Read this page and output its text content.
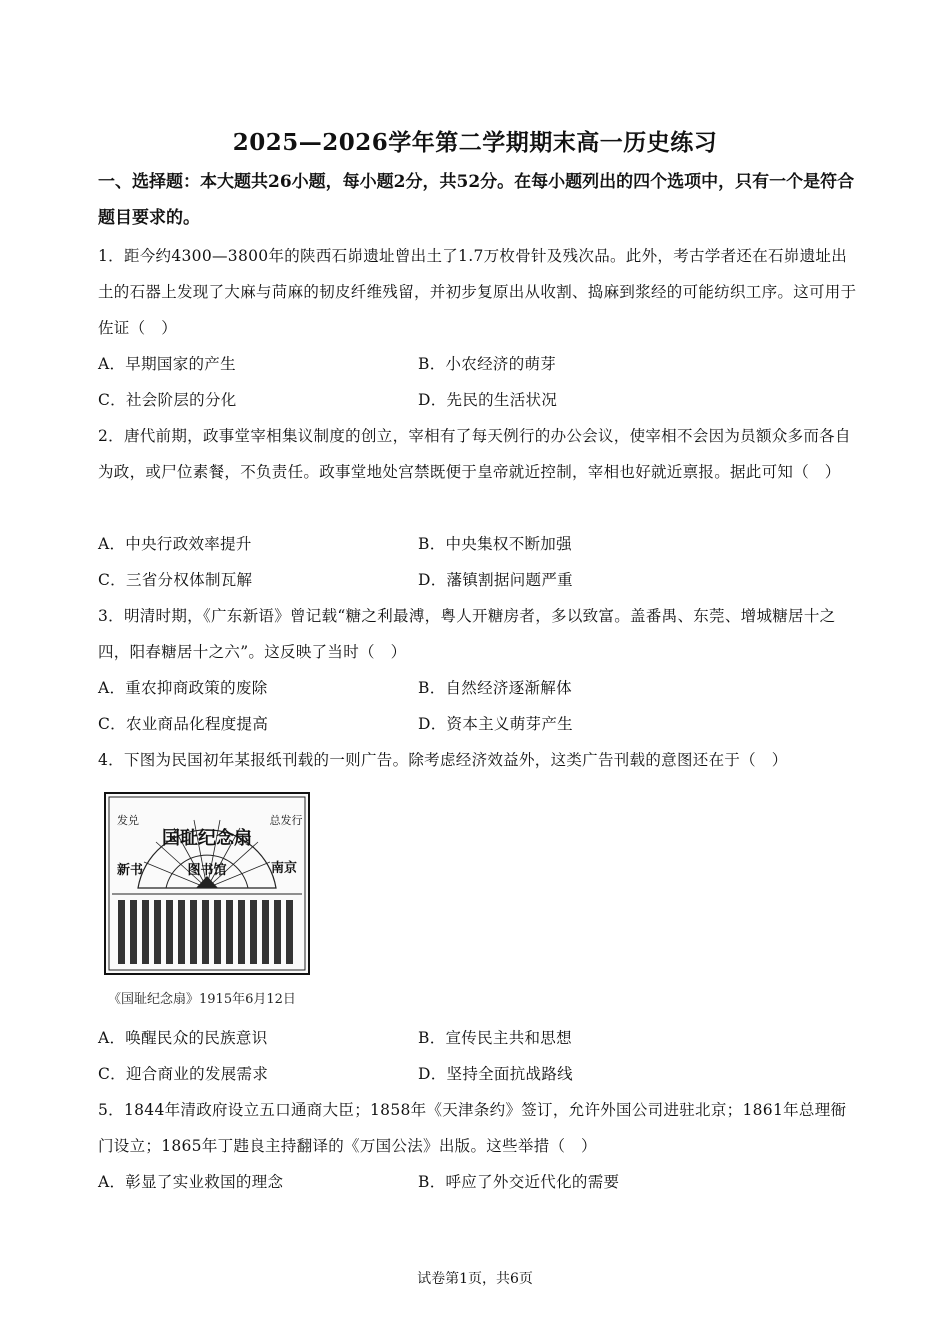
2025—2026学年第二学期期末高一历史练习
一、选择题：本大题共26小题，每小题2分，共52分。在每小题列出的四个选项中，只有一个是符合题目要求的。
1．距今约4300—3800年的陕西石峁遗址曾出土了1.7万枚骨针及残次品。此外，考古学者还在石峁遗址出土的石器上发现了大麻与苘麻的韧皮纤维残留，并初步复原出从收割、捣麻到浆经的可能纺织工序。这可用于佐证（　）
A．早期国家的产生	B．小农经济的萌芽
C．社会阶层的分化	D．先民的生活状况
2．唐代前期，政事堂宰相集议制度的创立，宰相有了每天例行的办公会议，使宰相不会因为员额众多而各自为政，或尸位素餐，不负责任。政事堂地处宫禁既便于皇帝就近控制，宰相也好就近禀报。据此可知（　）
A．中央行政效率提升	B．中央集权不断加强
C．三省分权体制瓦解	D．藩镇割据问题严重
3．明清时期，《广东新语》曾记载“糖之利最溥，粤人开糖房者，多以致富。盖番禺、东莞、增城糖居十之四，阳春糖居十之六”。这反映了当时（　）
A．重农抑商政策的废除	B．自然经济逐渐解体
C．农业商品化程度提高	D．资本主义萌芽产生
4．下图为民国初年某报纸刊载的一则广告。除考虑经济效益外，这类广告刊载的意图还在于（　）
国耻纪念扇
总发行
发兑
南京
图书馆
新书
《国耻纪念扇》1915年6月12日
A．唤醒民众的民族意识	B．宣传民主共和思想
C．迎合商业的发展需求	D．坚持全面抗战路线
5．1844年清政府设立五口通商大臣；1858年《天津条约》签订，允许外国公司进驻北京；1861年总理衙门设立；1865年丁韪良主持翻译的《万国公法》出版。这些举措（　）
A．彰显了实业救国的理念	B．呼应了外交近代化的需要
试卷第1页，共6页
